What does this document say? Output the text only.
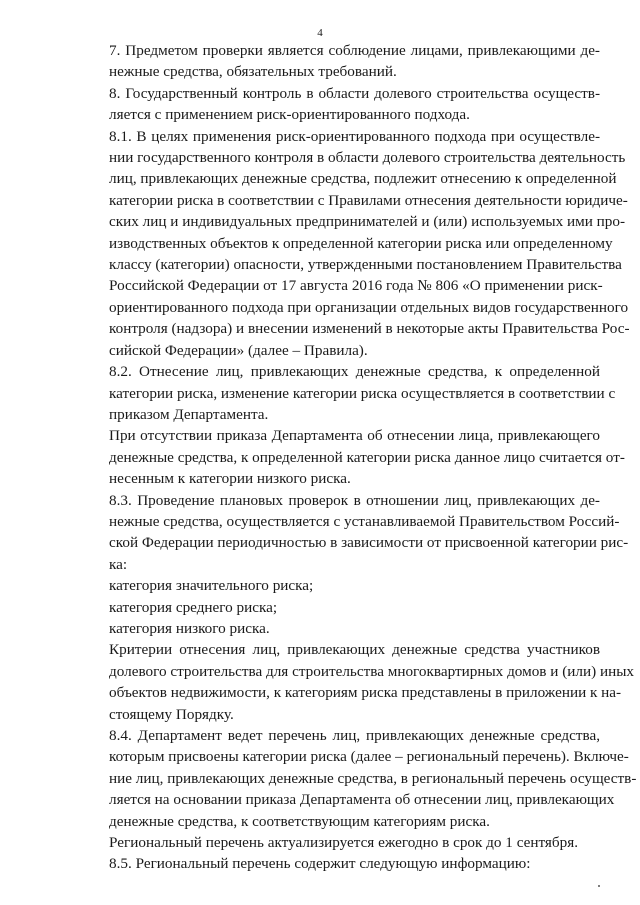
4

7. Предметом проверки является соблюдение лицами, привлекающими де-
нежные средства, обязательных требований.

8. Государственный контроль в области долевого строительства осуществ-
ляется с применением риск-ориентированного подхода.

8.1. В целях применения риск-ориентированного подхода при осуществле-
нии государственного контроля в области долевого строительства деятельность
лиц, привлекающих денежные средства, подлежит отнесению к определенной
категории риска в соответствии с Правилами отнесения деятельности юридиче-
ских лиц и индивидуальных предпринимателей и (или) используемых ими про-
изводственных объектов к определенной категории риска или определенному
классу (категории) опасности, утвержденными постановлением Правительства
Российской Федерации от 17 августа 2016 года № 806 «О применении риск-
ориентированного подхода при организации отдельных видов государственного
контроля (надзора) и внесении изменений в некоторые акты Правительства Рос-
сийской Федерации» (далее – Правила).

8.2. Отнесение лиц, привлекающих денежные средства, к определенной
категории риска, изменение категории риска осуществляется в соответствии с
приказом Департамента.

При отсутствии приказа Департамента об отнесении лица, привлекающего
денежные средства, к определенной категории риска данное лицо считается от-
несенным к категории низкого риска.

8.3. Проведение плановых проверок в отношении лиц, привлекающих де-
нежные средства, осуществляется с устанавливаемой Правительством Россий-
ской Федерации периодичностью в зависимости от присвоенной категории рис-
ка:

категория значительного риска;

категория среднего риска;

категория низкого риска.

Критерии отнесения лиц, привлекающих денежные средства участников
долевого строительства для строительства многоквартирных домов и (или) иных
объектов недвижимости, к категориям риска представлены в приложении к на-
стоящему Порядку.

8.4. Департамент ведет перечень лиц, привлекающих денежные средства,
которым присвоены категории риска (далее – региональный перечень). Включе-
ние лиц, привлекающих денежные средства, в региональный перечень осуществ-
ляется на основании приказа Департамента об отнесении лиц, привлекающих
денежные средства, к соответствующим категориям риска.

Региональный перечень актуализируется ежегодно в срок до 1 сентября.

8.5. Региональный перечень содержит следующую информацию:
